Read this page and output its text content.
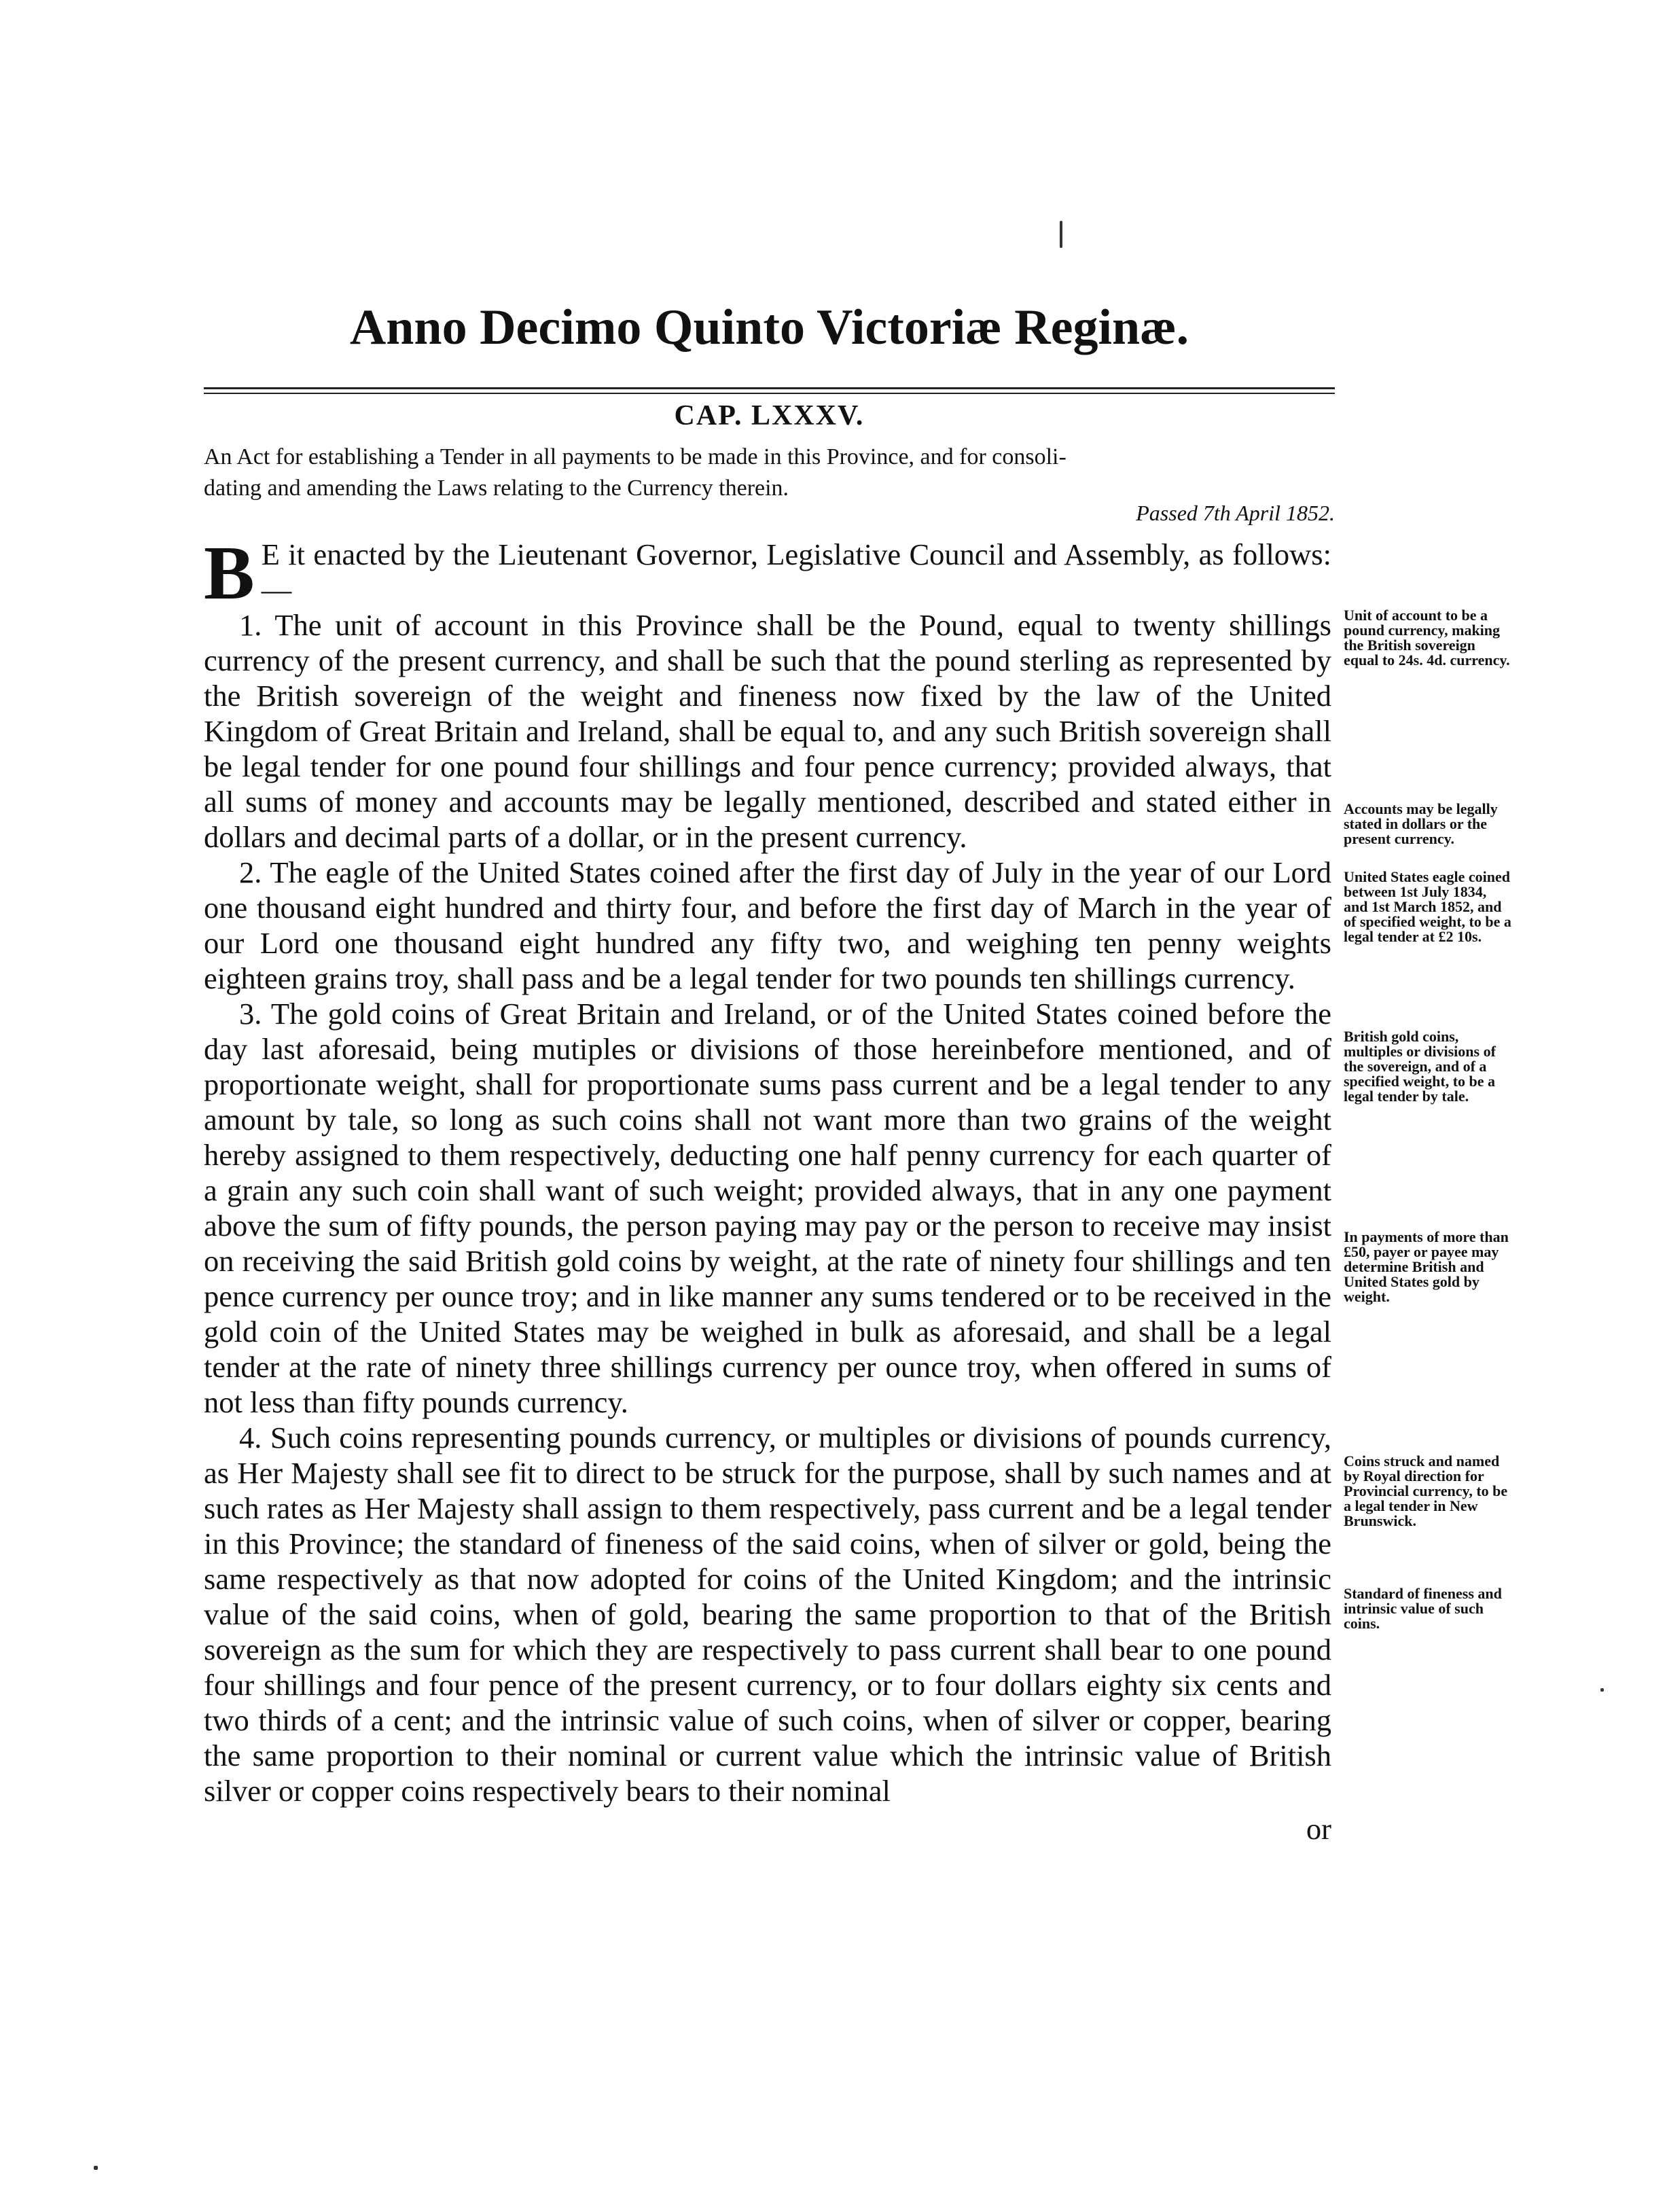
Anno Decimo Quinto Victoriæ Reginæ.
CAP. LXXXV.
An Act for establishing a Tender in all payments to be made in this Province, and for consoli-
dating and amending the Laws relating to the Currency therein.
Passed 7th April 1852.

B E it enacted by the Lieutenant Governor, Legislative Council and Assembly, as follows:—

1. The unit of account in this Province shall be the Pound, equal to twenty shillings currency of the present currency, and shall be such that the pound sterling as represented by the British sovereign of the weight and fineness now fixed by the law of the United Kingdom of Great Britain and Ireland, shall be equal to, and any such British sovereign shall be legal tender for one pound four shillings and four pence currency; provided always, that all sums of money and accounts may be legally mentioned, described and stated either in dollars and decimal parts of a dollar, or in the present currency.

2. The eagle of the United States coined after the first day of July in the year of our Lord one thousand eight hundred and thirty four, and before the first day of March in the year of our Lord one thousand eight hundred any fifty two, and weighing ten penny weights eighteen grains troy, shall pass and be a legal tender for two pounds ten shillings currency.

3. The gold coins of Great Britain and Ireland, or of the United States coined before the day last aforesaid, being mutiples or divisions of those hereinbefore mentioned, and of proportionate weight, shall for proportionate sums pass current and be a legal tender to any amount by tale, so long as such coins shall not want more than two grains of the weight hereby assigned to them respectively, deducting one half penny currency for each quarter of a grain any such coin shall want of such weight; provided always, that in any one payment above the sum of fifty pounds, the person paying may pay or the person to receive may insist on receiving the said British gold coins by weight, at the rate of ninety four shillings and ten pence currency per ounce troy; and in like manner any sums tendered or to be received in the gold coin of the United States may be weighed in bulk as aforesaid, and shall be a legal tender at the rate of ninety three shillings currency per ounce troy, when offered in sums of not less than fifty pounds currency.

4. Such coins representing pounds currency, or multiples or divisions of pounds currency, as Her Majesty shall see fit to direct to be struck for the purpose, shall by such names and at such rates as Her Majesty shall assign to them respectively, pass current and be a legal tender in this Province; the standard of fineness of the said coins, when of silver or gold, being the same respectively as that now adopted for coins of the United Kingdom; and the intrinsic value of the said coins, when of gold, bearing the same proportion to that of the British sovereign as the sum for which they are respectively to pass current shall bear to one pound four shillings and four pence of the present currency, or to four dollars eighty six cents and two thirds of a cent; and the intrinsic value of such coins, when of silver or copper, bearing the same proportion to their nominal or current value which the intrinsic value of British silver or copper coins respectively bears to their nominal

or

Unit of account to be a pound currency, making the British sovereign equal to 24s. 4d. currency.

Accounts may be legally stated in dollars or the present currency.

United States eagle coined between 1st July 1834, and 1st March 1852, and of specified weight, to be a legal tender at £2 10s.

British gold coins, multiples or divisions of the sovereign, and of a specified weight, to be a legal tender by tale.

In payments of more than £50, payer or payee may determine British and United States gold by weight.

Coins struck and named by Royal direction for Provincial currency, to be a legal tender in New Brunswick.

Standard of fineness and intrinsic value of such coins.
